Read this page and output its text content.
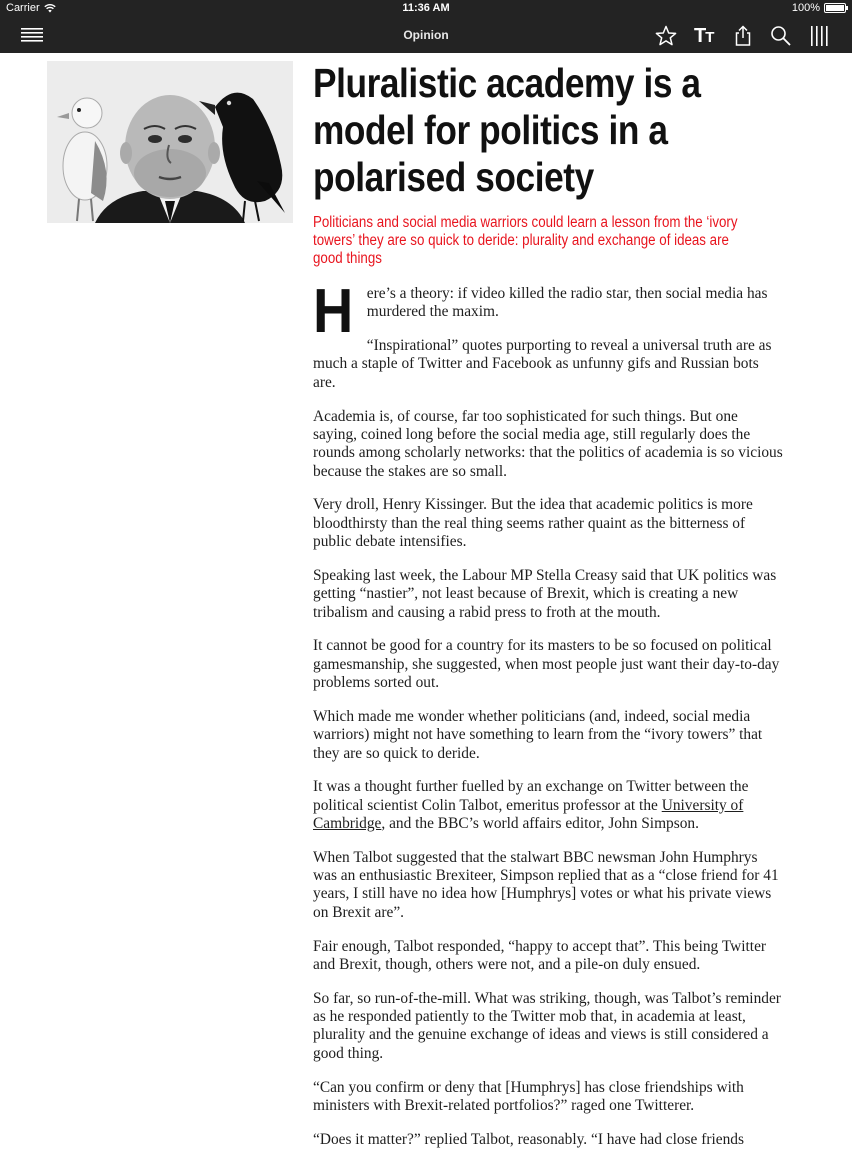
Carrier	11:36 AM	100%
Opinion	TT
Pluralistic academy is a model for politics in a polarised society
Politicians and social media warriors could learn a lesson from the ‘ivory towers’ they are so quick to deride: plurality and exchange of ideas are good things

Here’s a theory: if video killed the radio star, then social media has murdered the maxim.

“Inspirational” quotes purporting to reveal a universal truth are as much a staple of Twitter and Facebook as unfunny gifs and Russian bots are.

Academia is, of course, far too sophisticated for such things. But one saying, coined long before the social media age, still regularly does the rounds among scholarly networks: that the politics of academia is so vicious because the stakes are so small.

Very droll, Henry Kissinger. But the idea that academic politics is more bloodthirsty than the real thing seems rather quaint as the bitterness of public debate intensifies.

Speaking last week, the Labour MP Stella Creasy said that UK politics was getting “nastier”, not least because of Brexit, which is creating a new tribalism and causing a rabid press to froth at the mouth.

It cannot be good for a country for its masters to be so focused on political gamesmanship, she suggested, when most people just want their day-to-day problems sorted out.

Which made me wonder whether politicians (and, indeed, social media warriors) might not have something to learn from the “ivory towers” that they are so quick to deride.

It was a thought further fuelled by an exchange on Twitter between the political scientist Colin Talbot, emeritus professor at the University of Cambridge, and the BBC’s world affairs editor, John Simpson.

When Talbot suggested that the stalwart BBC newsman John Humphrys was an enthusiastic Brexiteer, Simpson replied that as a “close friend for 41 years, I still have no idea how [Humphrys] votes or what his private views on Brexit are”.

Fair enough, Talbot responded, “happy to accept that”. This being Twitter and Brexit, though, others were not, and a pile-on duly ensued.

So far, so run-of-the-mill. What was striking, though, was Talbot’s reminder as he responded patiently to the Twitter mob that, in academia at least, plurality and the genuine exchange of ideas and views is still considered a good thing.

“Can you confirm or deny that [Humphrys] has close friendships with ministers with Brexit-related portfolios?” raged one Twitterer.

“Does it matter?” replied Talbot, reasonably. “I have had close friends
